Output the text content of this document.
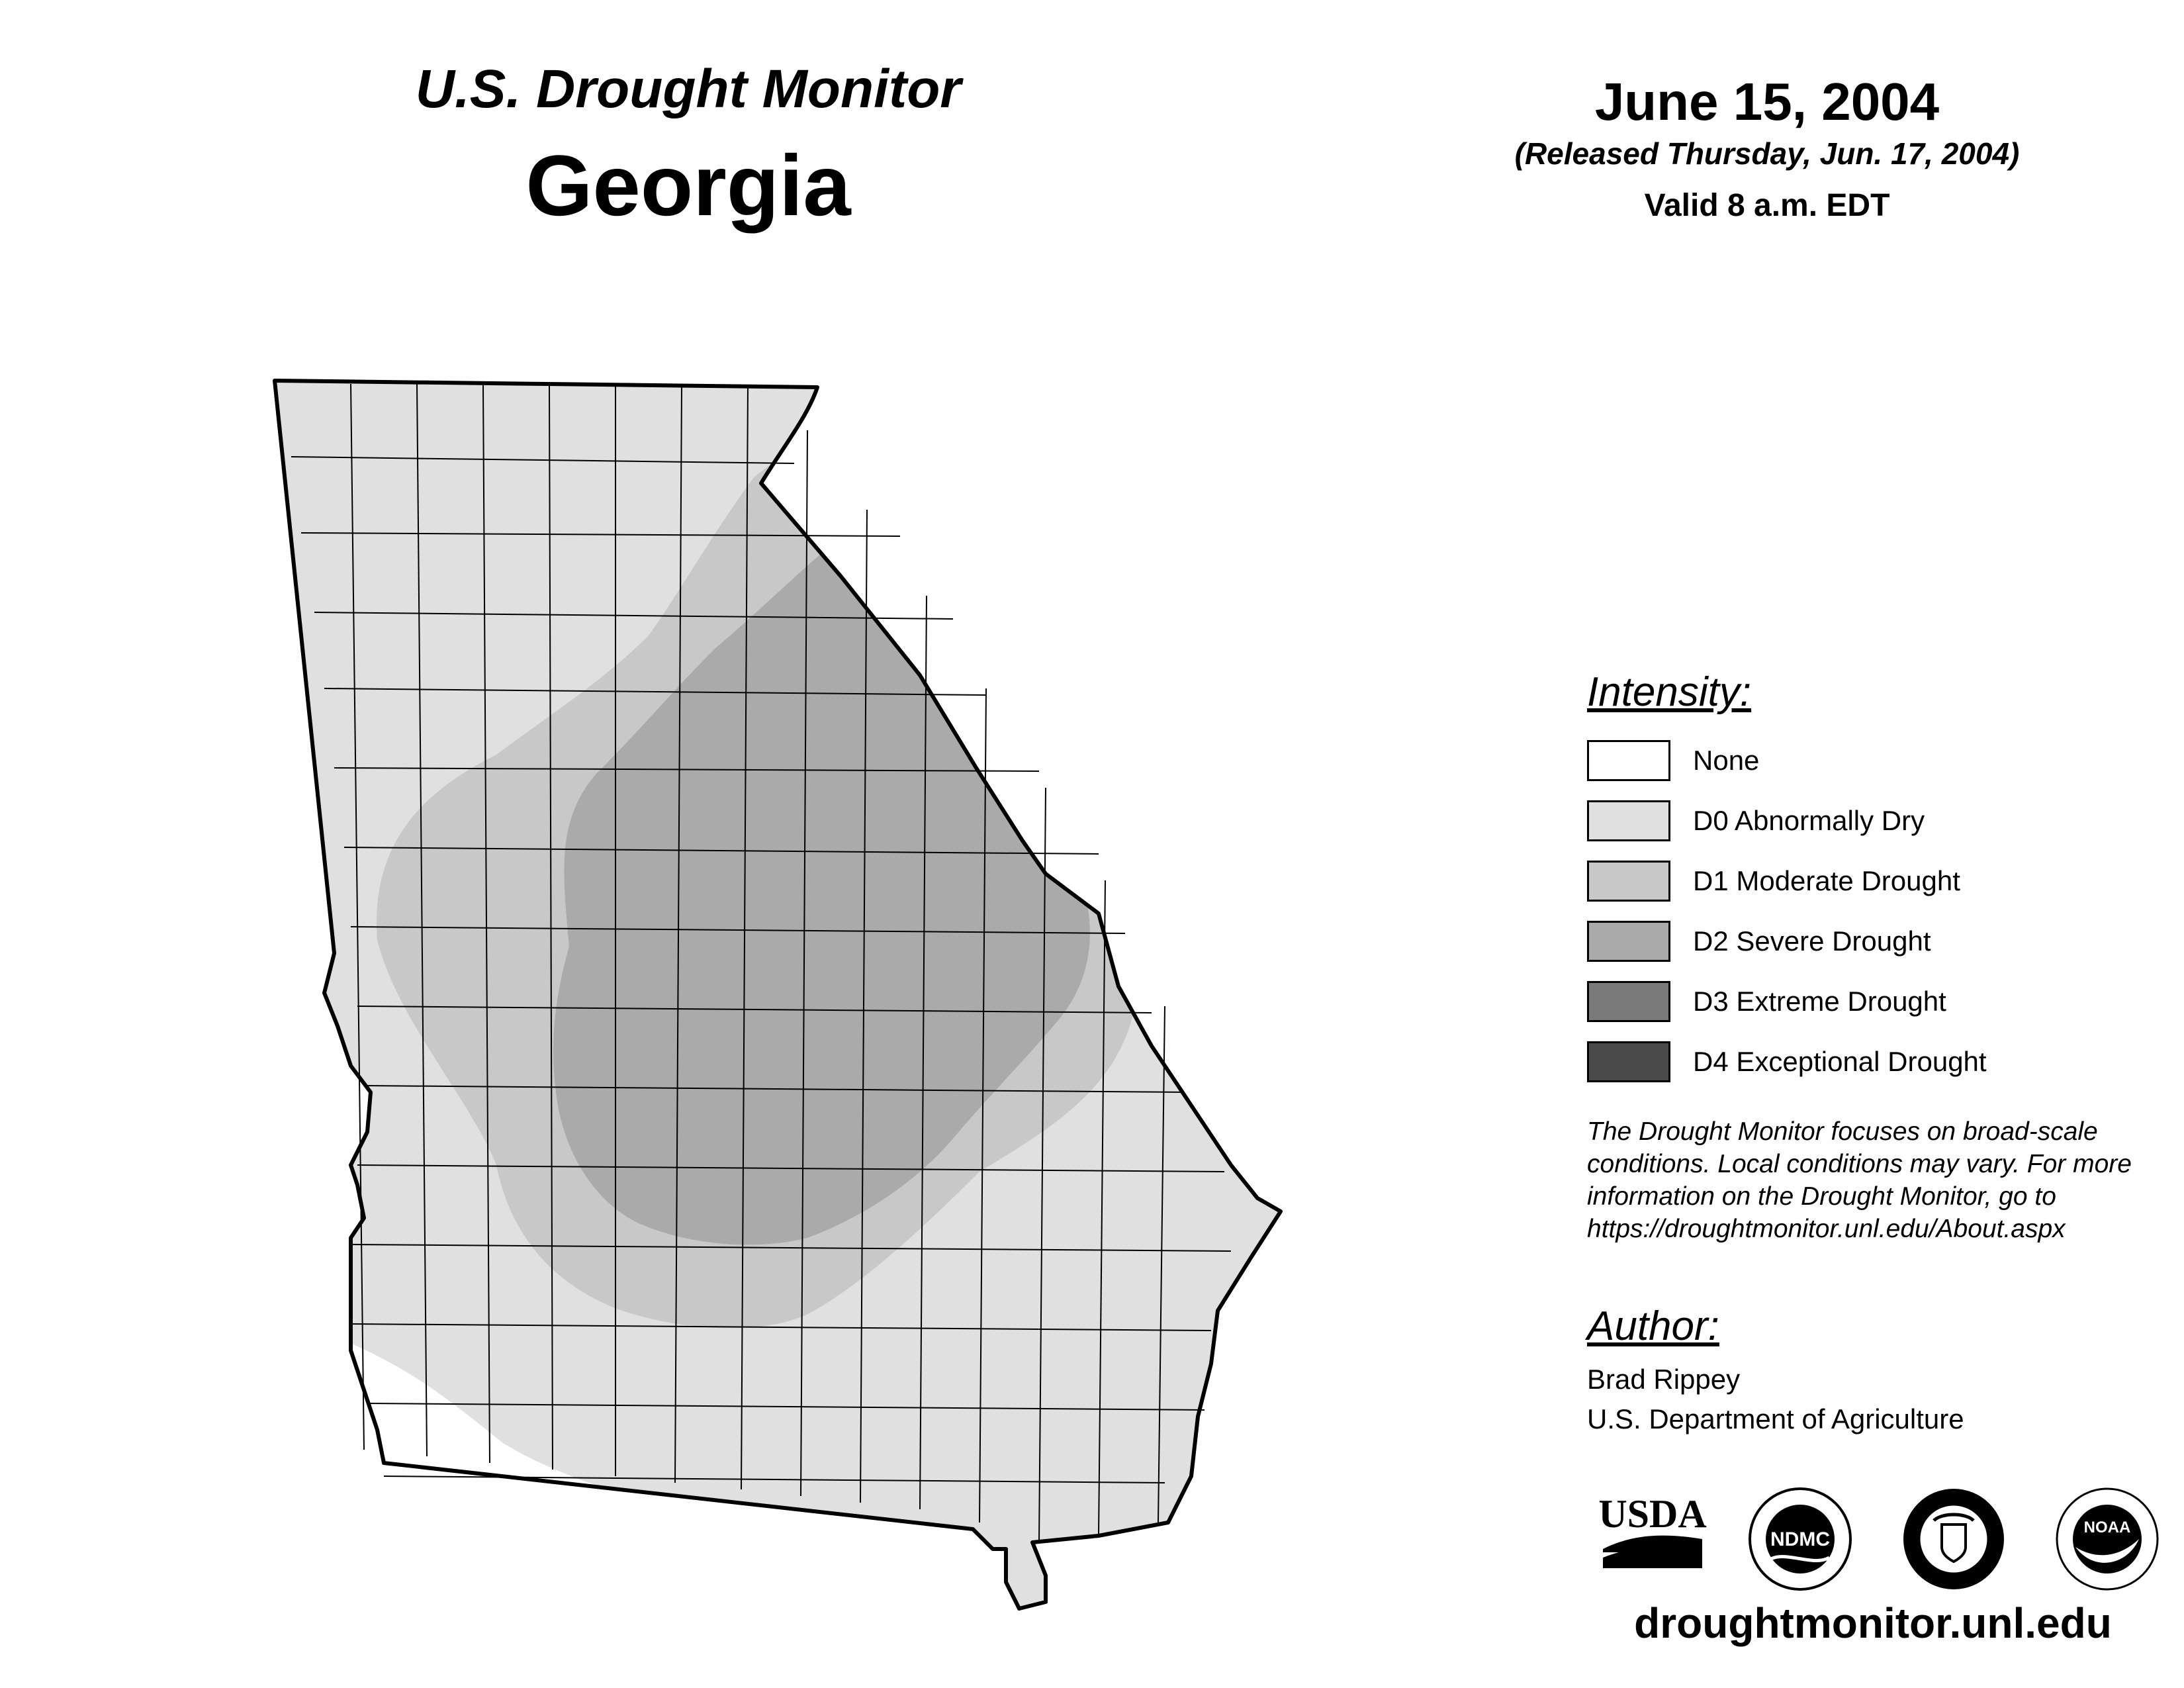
U.S. Drought Monitor
Georgia
June 15, 2004
(Released Thursday, Jun. 17, 2004)
Valid 8 a.m. EDT
Intensity:
None
D0 Abnormally Dry
D1 Moderate Drought
D2 Severe Drought
D3 Extreme Drought
D4 Exceptional Drought
The Drought Monitor focuses on broad-scale
conditions. Local conditions may vary. For more
information on the Drought Monitor, go to
https://droughtmonitor.unl.edu/About.aspx
Author:
Brad Rippey
U.S. Department of Agriculture
USDA
NDMC
NOAA
droughtmonitor.unl.edu
